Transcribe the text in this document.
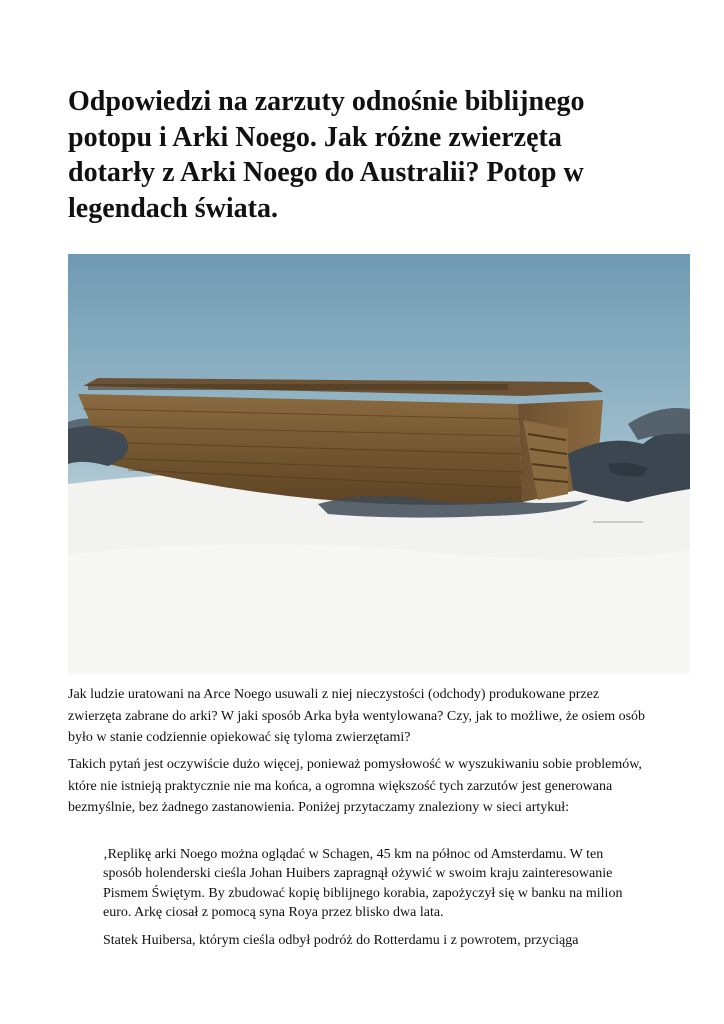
Odpowiedzi na zarzuty odnośnie biblijnego potopu i Arki Noego. Jak różne zwierzęta dotarły z Arki Noego do Australii? Potop w legendach świata.

Jak ludzie uratowani na Arce Noego usuwali z niej nieczystości (odchody) produkowane przez zwierzęta zabrane do arki? W jaki sposób Arka była wentylowana? Czy, jak to możliwe, że osiem osób było w stanie codziennie opiekować się tyloma zwierzętami?

Takich pytań jest oczywiście dużo więcej, ponieważ pomysłowość w wyszukiwaniu sobie problemów, które nie istnieją praktycznie nie ma końca, a ogromna większość tych zarzutów jest generowana bezmyślnie, bez żadnego zastanowienia. Poniżej przytaczamy znaleziony w sieci artykuł:

‚Replikę arki Noego można oglądać w Schagen, 45 km na północ od Amsterdamu. W ten sposób holenderski cieśla Johan Huibers zapragnął ożywić w swoim kraju zainteresowanie Pismem Świętym. By zbudować kopię biblijnego korabia, zapożyczył się w banku na milion euro. Arkę ciosał z pomocą syna Roya przez blisko dwa lata.

Statek Huibersa, którym cieśla odbył podróż do Rotterdamu i z powrotem, przyciąga
